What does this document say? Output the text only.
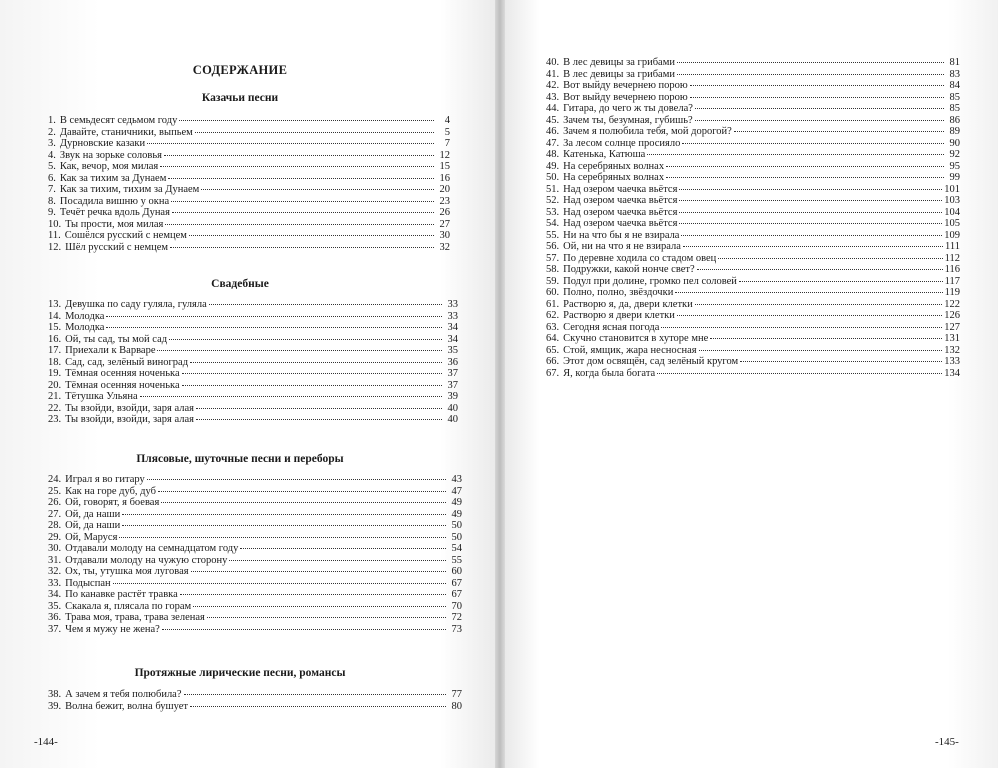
СОДЕРЖАНИЕ
Казачьи песни
1. В семьдесят седьмом году	4
2. Давайте, станичники, выпьем	5
3. Дурновские казаки	7
4. Звук на зорьке соловья	12
5. Как, вечор, моя милая	15
6. Как за тихим за Дунаем	16
7. Как за тихим, тихим за Дунаем	20
8. Посадила вишню у окна	23
9. Течёт речка вдоль Дуная	26
10. Ты прости, моя милая	27
11. Сошёлся русский с немцем	30
12. Шёл русский с немцем	32
Свадебные
13. Девушка по саду гуляла, гуляла	33
14. Молодка	33
15. Молодка	34
16. Ой, ты сад, ты мой сад	34
17. Приехали к Варваре	35
18. Сад, сад, зелёный виноград	36
19. Тёмная осенняя ноченька	37
20. Тёмная осенняя ноченька	37
21. Тётушка Ульяна	39
22. Ты взойди, взойди, заря алая	40
23. Ты взойди, взойди, заря алая	40
Плясовые, шуточные песни и переборы
24. Играл я во гитару	43
25. Как на горе дуб, дуб	47
26. Ой, говорят, я боевая	49
27. Ой, да наши	49
28. Ой, да наши	50
29. Ой, Маруся	50
30. Отдавали молоду на семнадцатом году	54
31. Отдавали молоду на чужую сторону	55
32. Ох, ты, утушка моя луговая	60
33. Подыспан	67
34. По канавке растёт травка	67
35. Скакала я, плясала по горам	70
36. Трава моя, трава, трава зеленая	72
37. Чем я мужу не жена?	73
Протяжные лирические песни, романсы
38. А зачем я тебя полюбила?	77
39. Волна бежит, волна бушует	80
40. В лес девицы за грибами	81
41. В лес девицы за грибами	83
42. Вот выйду вечернею порою	84
43. Вот выйду вечернею порою	85
44. Гитара, до чего ж ты довела?	85
45. Зачем ты, безумная, губишь?	86
46. Зачем я полюбила тебя, мой дорогой?	89
47. За лесом солнце просияло	90
48. Катенька, Катюша	92
49. На серебряных волнах	95
50. На серебряных волнах	99
51. Над озером чаечка вьётся	101
52. Над озером чаечка вьётся	103
53. Над озером чаечка вьётся	104
54. Над озером чаечка вьётся	105
55. Ни на что бы я не взирала	109
56. Ой, ни на что я не взирала	111
57. По деревне ходила со стадом овец	112
58. Подружки, какой нонче свет?	116
59. Подул при долине, громко пел соловей	117
60. Полно, полно, звёздочки	119
61. Растворю я, да, двери клетки	122
62. Растворю я двери клетки	126
63. Сегодня ясная погода	127
64. Скучно становится в хуторе мне	131
65. Стой, ямщик, жара несносная	132
66. Этот дом освящён, сад зелёный кругом	133
67. Я, когда была богата	134
-144-	-145-
